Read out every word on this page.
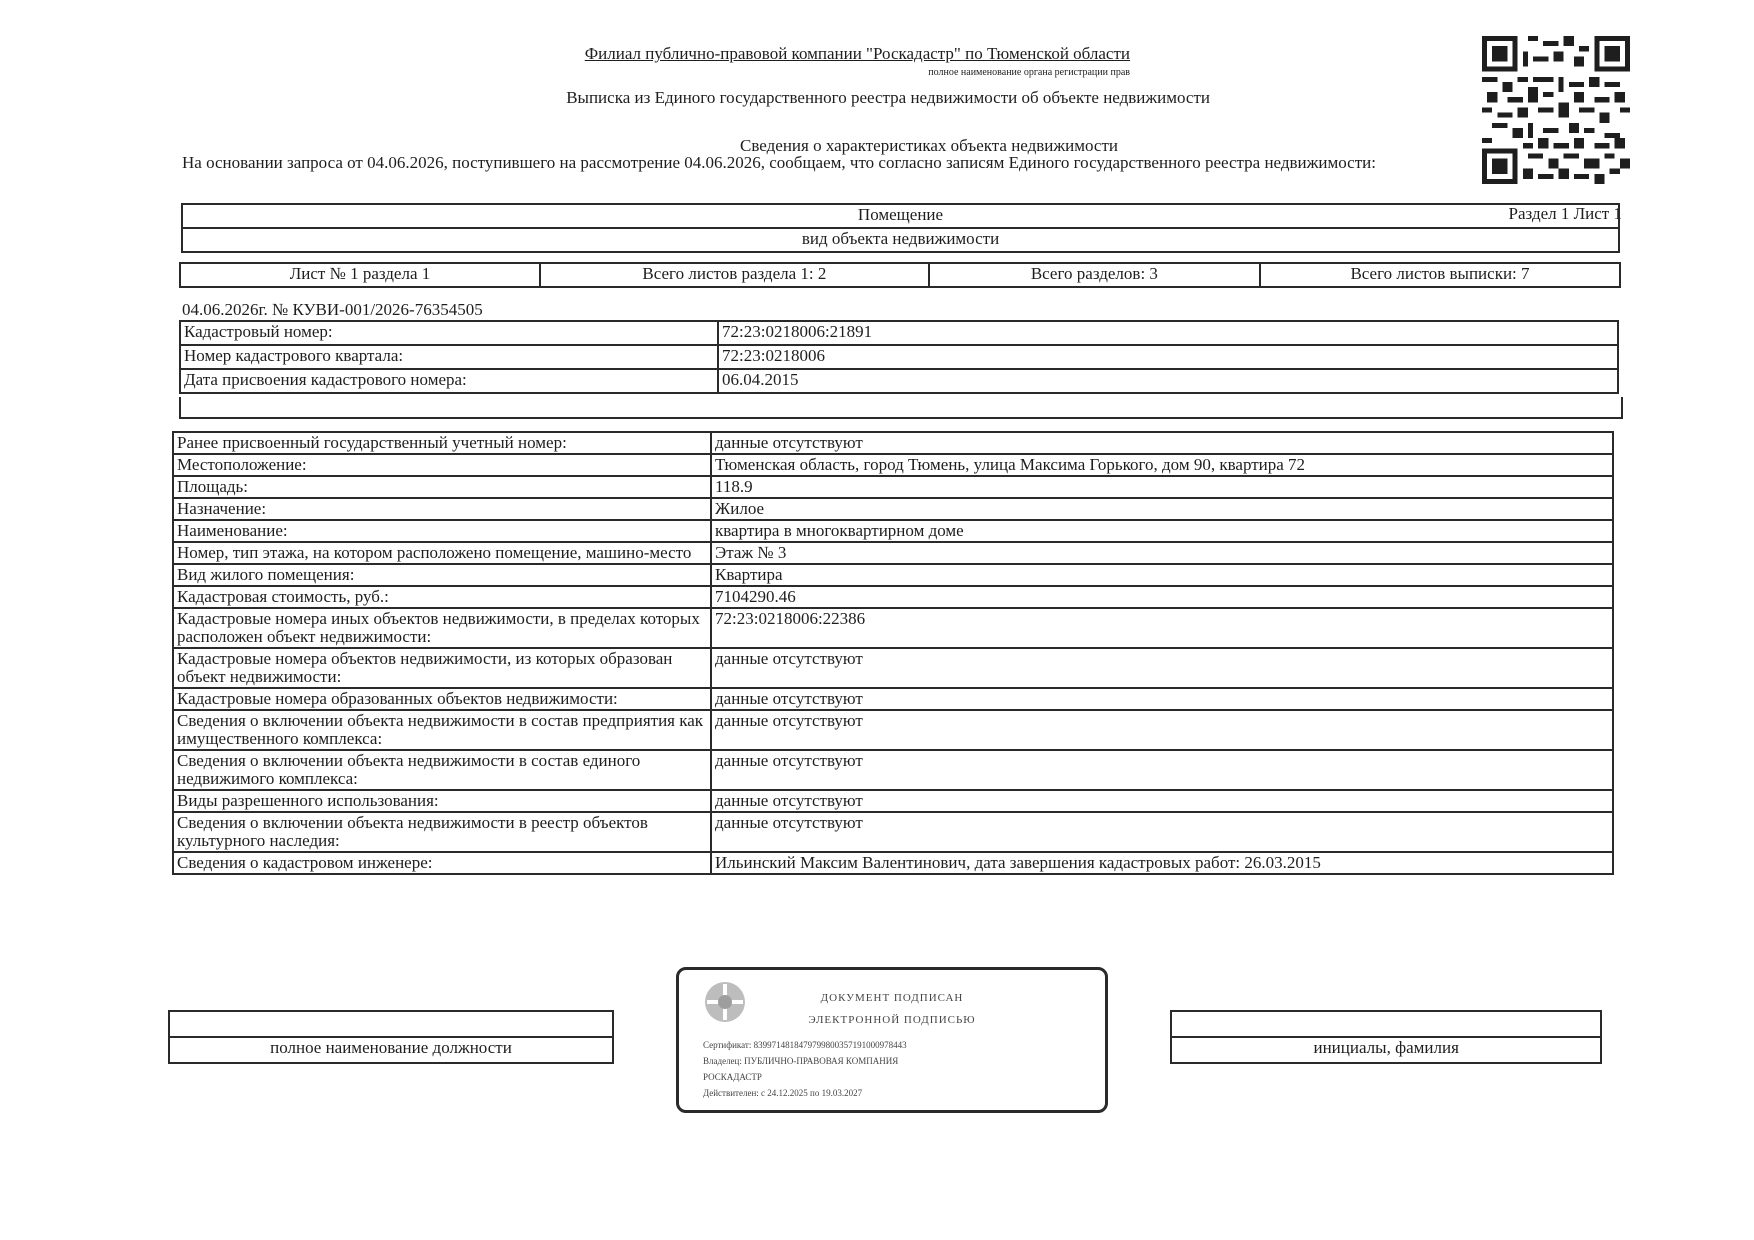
Филиал публично-правовой компании "Роскадастр" по Тюменской области
полное наименование органа регистрации прав
Выписка из Единого государственного реестра недвижимости об объекте недвижимости
Сведения о характеристиках объекта недвижимости
На основании запроса от 04.06.2026, поступившего на рассмотрение 04.06.2026, сообщаем, что согласно записям Единого государственного реестра недвижимости:
Раздел 1 Лист 1
Помещение
вид объекта недвижимости
Лист № 1 раздела 1	Всего листов раздела 1: 2	Всего разделов: 3	Всего листов выписки: 7
04.06.2026г. № КУВИ-001/2026-76354505
Кадастровый номер:	72:23:0218006:21891
Номер кадастрового квартала:	72:23:0218006
Дата присвоения кадастрового номера:	06.04.2015
Ранее присвоенный государственный учетный номер:	данные отсутствуют
Местоположение:	Тюменская область, город Тюмень, улица Максима Горького, дом 90, квартира 72
Площадь:	118.9
Назначение:	Жилое
Наименование:	квартира в многоквартирном доме
Номер, тип этажа, на котором расположено помещение, машино-место	Этаж № 3
Вид жилого помещения:	Квартира
Кадастровая стоимость, руб.:	7104290.46
Кадастровые номера иных объектов недвижимости, в пределах которых расположен объект недвижимости:	72:23:0218006:22386
Кадастровые номера объектов недвижимости, из которых образован объект недвижимости:	данные отсутствуют
Кадастровые номера образованных объектов недвижимости:	данные отсутствуют
Сведения о включении объекта недвижимости в состав предприятия как имущественного комплекса:	данные отсутствуют
Сведения о включении объекта недвижимости в состав единого недвижимого комплекса:	данные отсутствуют
Виды разрешенного использования:	данные отсутствуют
Сведения о включении объекта недвижимости в реестр объектов культурного наследия:	данные отсутствуют
Сведения о кадастровом инженере:	Ильинский Максим Валентинович, дата завершения кадастровых работ: 26.03.2015

полное наименование должности		инициалы, фамилия
ДОКУМЕНТ ПОДПИСАН
ЭЛЕКТРОННОЙ ПОДПИСЬЮ
Сертификат: 8399714818479799800357191000978443
Владелец: ПУБЛИЧНО-ПРАВОВАЯ КОМПАНИЯ
РОСКАДАСТР
Действителен: с 24.12.2025 по 19.03.2027
